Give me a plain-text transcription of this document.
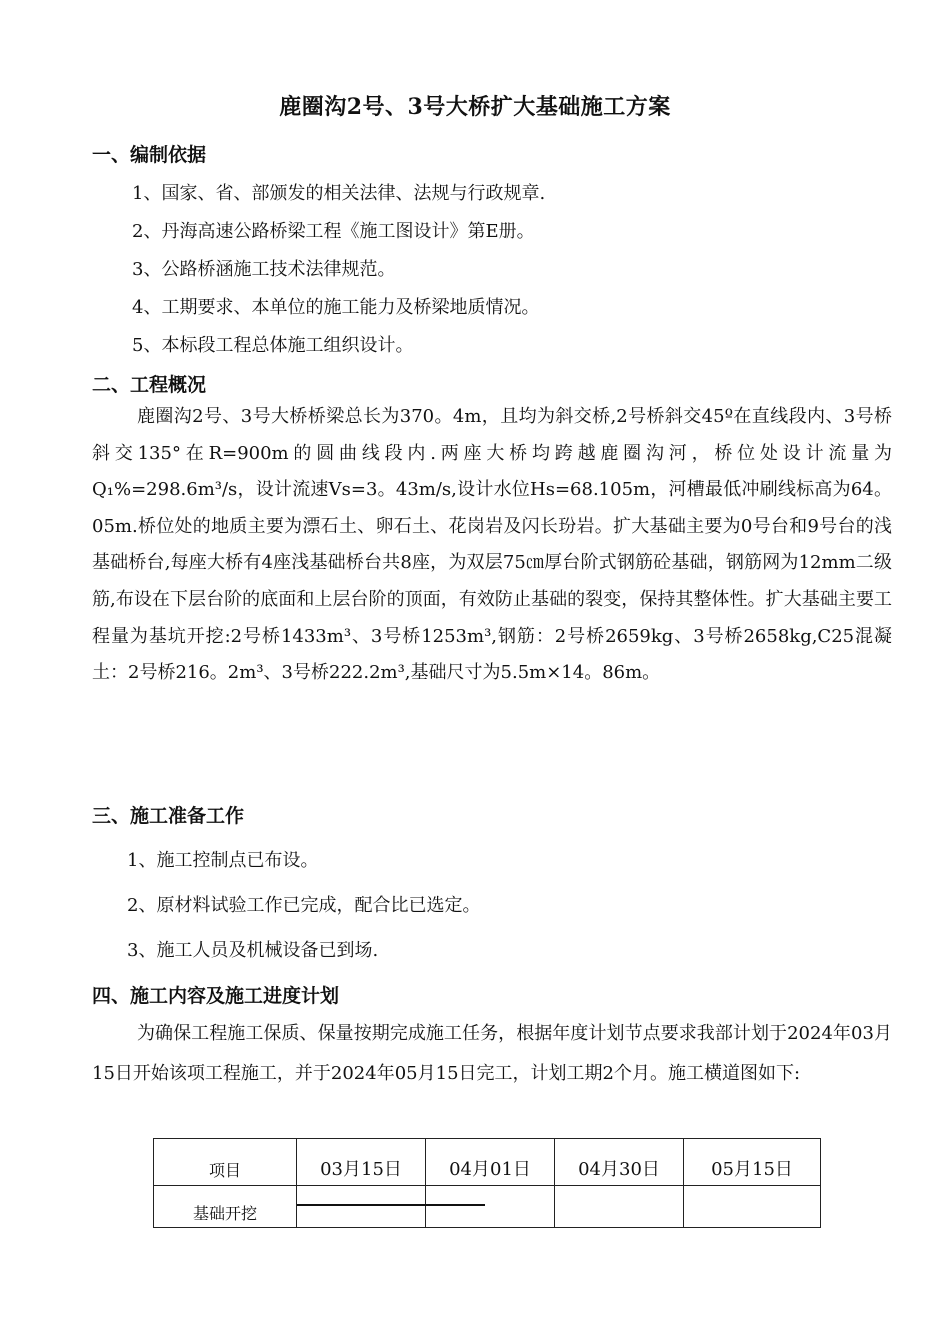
鹿圈沟2号、3号大桥扩大基础施工方案
一、编制依据
1、国家、省、部颁发的相关法律、法规与行政规章.
2、丹海高速公路桥梁工程《施工图设计》第E册。
3、公路桥涵施工技术法律规范。
4、工期要求、本单位的施工能力及桥梁地质情况。
5、本标段工程总体施工组织设计。
二、工程概况

鹿圈沟2号、3号大桥桥梁总长为370。4m，且均为斜交桥,2号桥斜交45º在直线段内、3号桥斜交135°在R=900m的圆曲线段内.两座大桥均跨越鹿圈沟河，桥位处设计流量为Q₁%=298.6m³/s，设计流速Vs=3。43m/s,设计水位Hs=68.105m，河槽最低冲刷线标高为64。05m.桥位处的地质主要为漂石土、卵石土、花岗岩及闪长玢岩。扩大基础主要为0号台和9号台的浅基础桥台,每座大桥有4座浅基础桥台共8座，为双层75㎝厚台阶式钢筋砼基础，钢筋网为12mm二级筋,布设在下层台阶的底面和上层台阶的顶面，有效防止基础的裂变，保持其整体性。扩大基础主要工程量为基坑开挖:2号桥1433m³、3号桥1253m³,钢筋：2号桥2659kg、3号桥2658kg,C25混凝土：2号桥216。2m³、3号桥222.2m³,基础尺寸为5.5m×14。86m。

三、施工准备工作
1、施工控制点已布设。
2、原材料试验工作已完成，配合比已选定。
3、施工人员及机械设备已到场.
四、施工内容及施工进度计划

为确保工程施工保质、保量按期完成施工任务，根据年度计划节点要求我部计划于2024年03月15日开始该项工程施工，并于2024年05月15日完工，计划工期2个月。施工横道图如下:

项目	03月15日	04月01日	04月30日	05月15日
基础开挖				
